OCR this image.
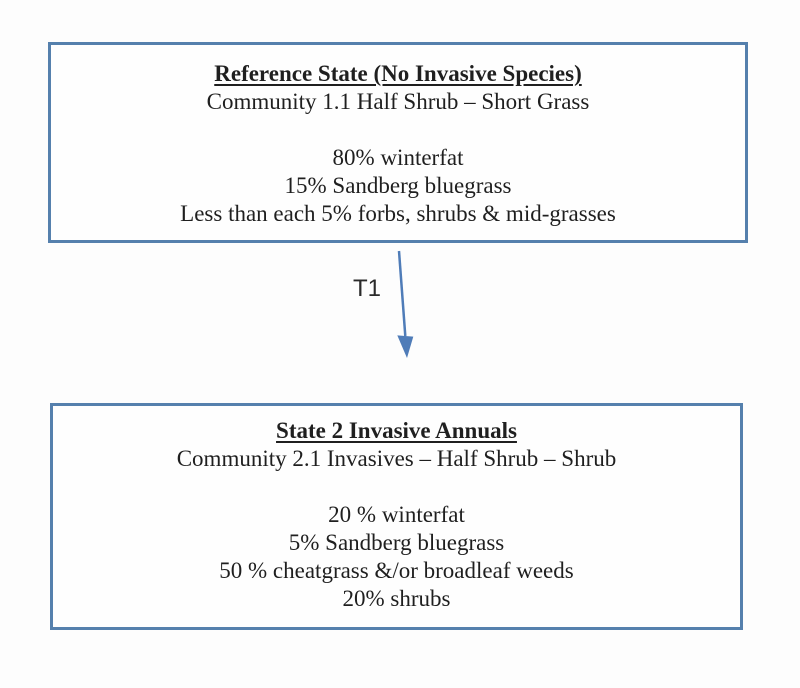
Reference State (No Invasive Species)
Community 1.1 Half Shrub – Short Grass
80% winterfat
15% Sandberg bluegrass
Less than each 5% forbs, shrubs & mid-grasses
T1
State 2 Invasive Annuals
Community 2.1 Invasives – Half Shrub – Shrub
20 % winterfat
5% Sandberg bluegrass
50 % cheatgrass &/or broadleaf weeds
20% shrubs
